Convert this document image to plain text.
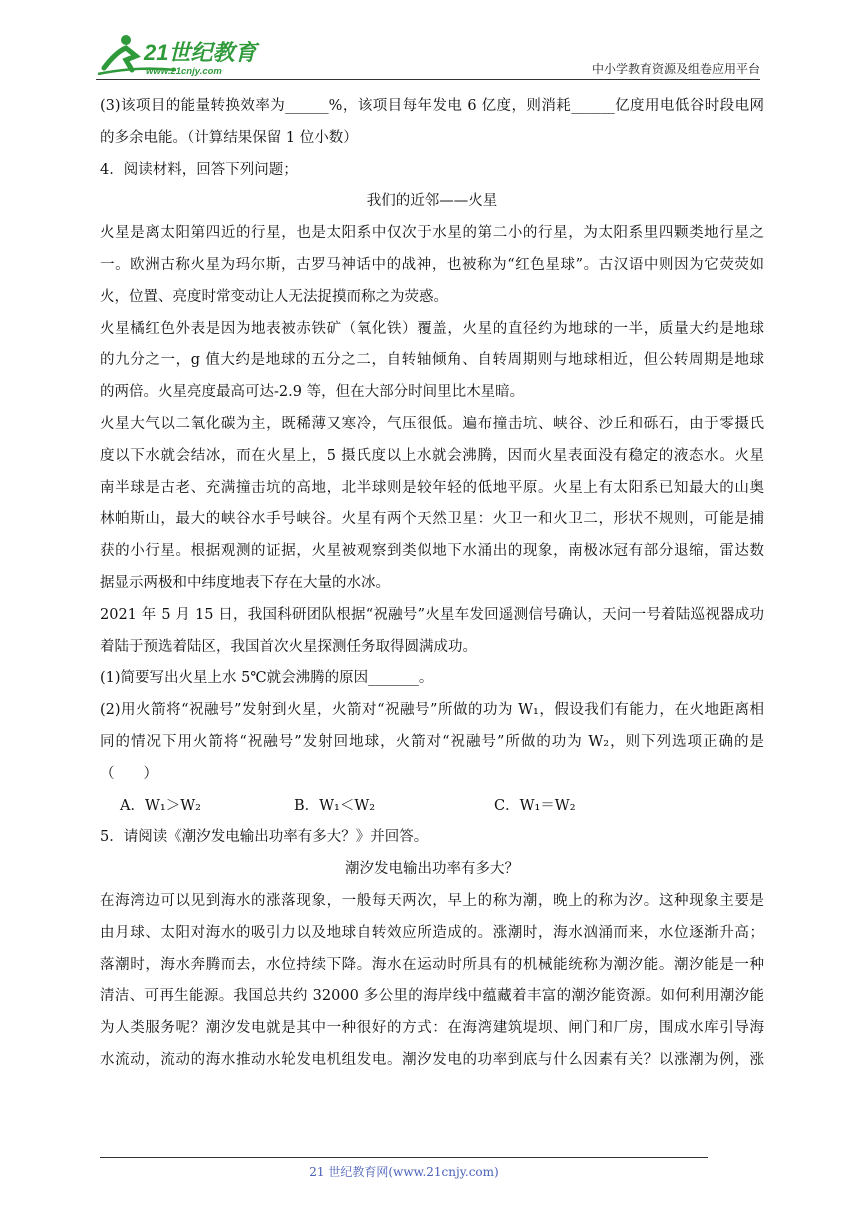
21世纪教育
www.21cnjy.com	中小学教育资源及组卷应用平台
(3)该项目的能量转换效率为______%，该项目每年发电 6 亿度，则消耗______亿度用电低谷时段电网
的多余电能。（计算结果保留 1 位小数）
4．阅读材料，回答下列问题；
我们的近邻——火星
火星是离太阳第四近的行星，也是太阳系中仅次于水星的第二小的行星，为太阳系里四颗类地行星之
一。欧洲古称火星为玛尔斯，古罗马神话中的战神，也被称为“红色星球”。古汉语中则因为它荧荧如
火，位置、亮度时常变动让人无法捉摸而称之为荧惑。
火星橘红色外表是因为地表被赤铁矿（氧化铁）覆盖，火星的直径约为地球的一半，质量大约是地球
的九分之一，g 值大约是地球的五分之二，自转轴倾角、自转周期则与地球相近，但公转周期是地球
的两倍。火星亮度最高可达-2.9 等，但在大部分时间里比木星暗。
火星大气以二氧化碳为主，既稀薄又寒冷，气压很低。遍布撞击坑、峡谷、沙丘和砾石，由于零摄氏
度以下水就会结冰，而在火星上，5 摄氏度以上水就会沸腾，因而火星表面没有稳定的液态水。火星
南半球是古老、充满撞击坑的高地，北半球则是较年轻的低地平原。火星上有太阳系已知最大的山奥
林帕斯山，最大的峡谷水手号峡谷。火星有两个天然卫星：火卫一和火卫二，形状不规则，可能是捕
获的小行星。根据观测的证据，火星被观察到类似地下水涌出的现象，南极冰冠有部分退缩，雷达数
据显示两极和中纬度地表下存在大量的水冰。
2021 年 5 月 15 日，我国科研团队根据“祝融号”火星车发回遥测信号确认，天问一号着陆巡视器成功
着陆于预选着陆区，我国首次火星探测任务取得圆满成功。
(1)简要写出火星上水 5℃就会沸腾的原因_______。
(2)用火箭将“祝融号”发射到火星，火箭对“祝融号”所做的功为 W₁，假设我们有能力，在火地距离相
同的情况下用火箭将“祝融号”发射回地球，火箭对“祝融号”所做的功为 W₂，则下列选项正确的是
（　　）
A．W₁＞W₂	B．W₁＜W₂	C．W₁＝W₂
5．请阅读《潮汐发电输出功率有多大？》并回答。
潮汐发电输出功率有多大？
在海湾边可以见到海水的涨落现象，一般每天两次，早上的称为潮，晚上的称为汐。这种现象主要是
由月球、太阳对海水的吸引力以及地球自转效应所造成的。涨潮时，海水汹涌而来，水位逐渐升高；
落潮时，海水奔腾而去，水位持续下降。海水在运动时所具有的机械能统称为潮汐能。潮汐能是一种
清洁、可再生能源。我国总共约 32000 多公里的海岸线中蕴藏着丰富的潮汐能资源。如何利用潮汐能
为人类服务呢？潮汐发电就是其中一种很好的方式：在海湾建筑堤坝、闸门和厂房，围成水库引导海
水流动，流动的海水推动水轮发电机组发电。潮汐发电的功率到底与什么因素有关？以涨潮为例，涨
21 世纪教育网(www.21cnjy.com)
